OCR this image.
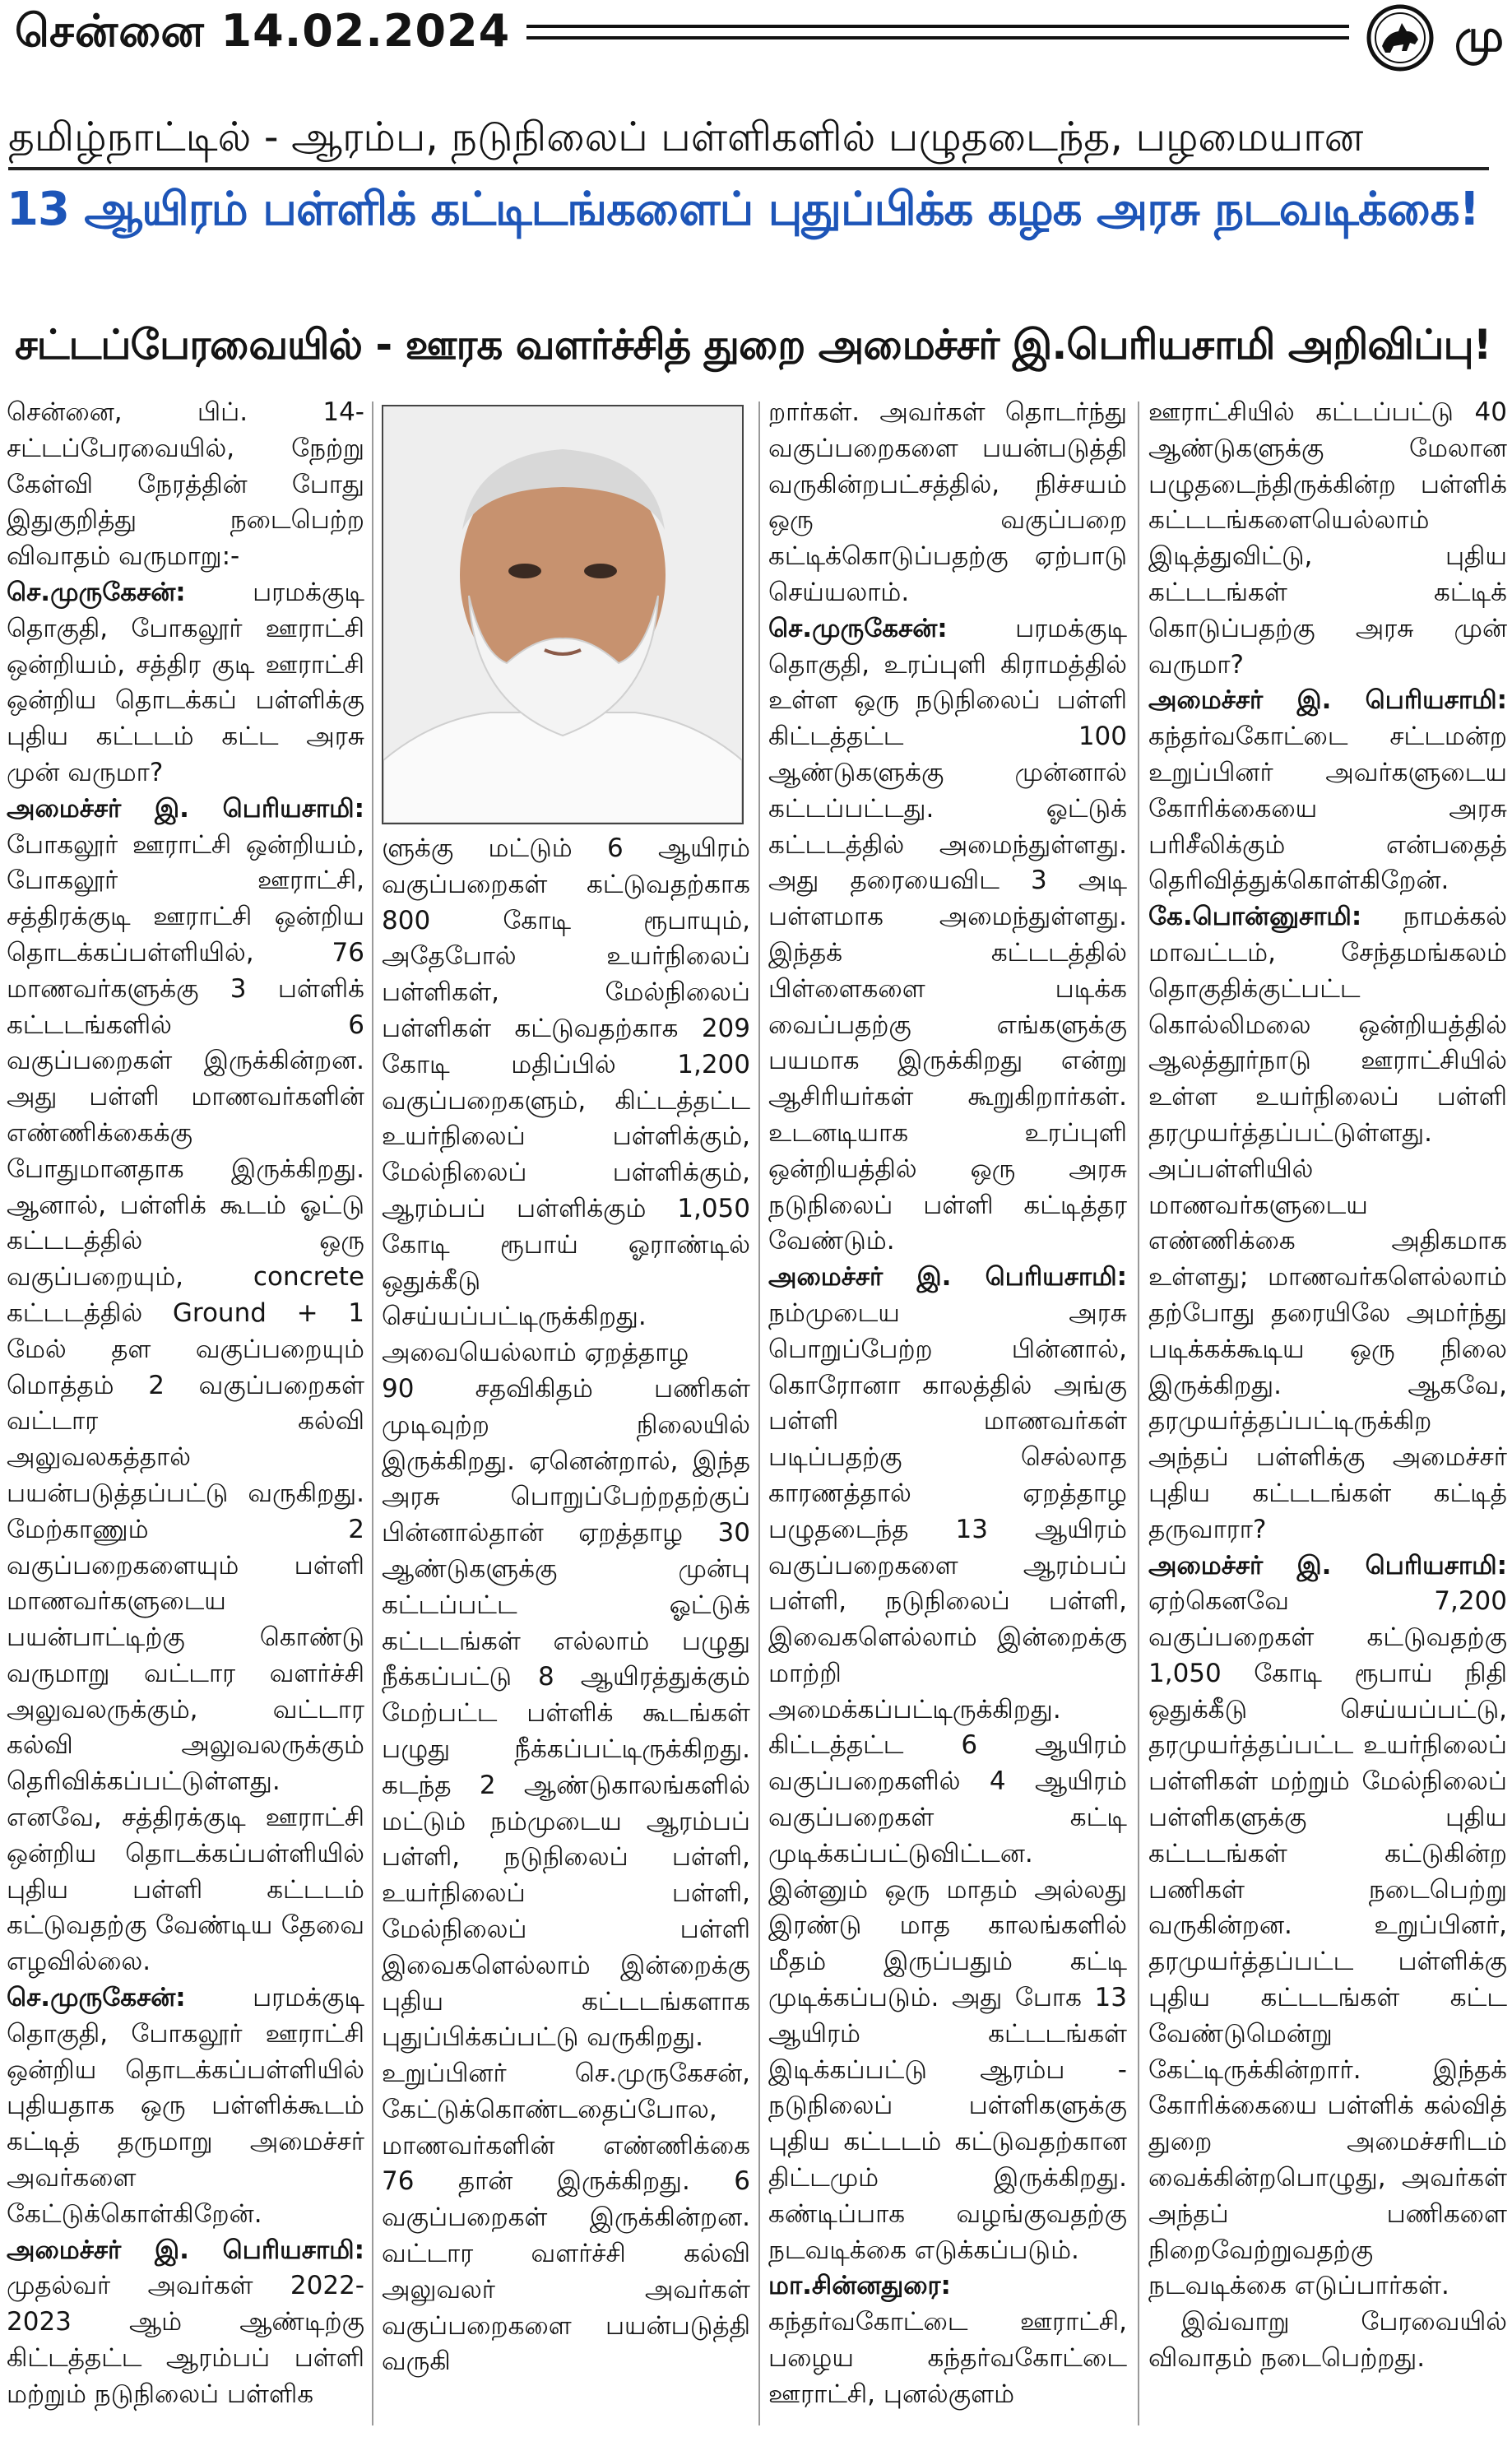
சென்னை 14.02.2024	மு
தமிழ்நாட்டில் - ஆரம்ப, நடுநிலைப் பள்ளிகளில் பழுதடைந்த, பழமையான
13 ஆயிரம் பள்ளிக் கட்டிடங்களைப் புதுப்பிக்க கழக அரசு நடவடிக்கை!
சட்டப்பேரவையில் - ஊரக வளர்ச்சித் துறை அமைச்சர் இ.பெரியசாமி அறிவிப்பு!

சென்னை, பிப். 14- சட்டப்பேரவையில், நேற்று கேள்வி நேரத்தின் போது இதுகுறித்து நடைபெற்ற விவாதம் வருமாறு:-

செ.முருகேசன்:	பரமக்குடி தொகுதி, போகலூர் ஊராட்சி ஒன்றியம், சத்திர குடி ஊராட்சி ஒன்றிய தொடக்கப் பள்ளிக்கு புதிய கட்டடம் கட்ட அரசு முன் வருமா?

அமைச்சர் இ. பெரியசாமி: போகலூர் ஊராட்சி ஒன்றியம், போகலூர் ஊராட்சி, சத்திரக்குடி ஊராட்சி ஒன்றிய தொடக்கப்பள்ளியில், 76 மாணவர்களுக்கு 3 பள்ளிக் கட்டடங்களில் 6 வகுப்பறைகள் இருக்கின்றன. அது பள்ளி மாணவர்களின் எண்ணிக்கைக்கு போதுமானதாக இருக்கிறது. ஆனால், பள்ளிக் கூடம் ஓட்டு கட்டடத்தில் ஒரு வகுப்பறையும், concrete கட்டடத்தில் Ground + 1 மேல் தள வகுப்பறையும் மொத்தம் 2 வகுப்பறைகள் வட்டார கல்வி அலுவலகத்தால் பயன்படுத்தப்பட்டு வருகிறது. மேற்காணும் 2 வகுப்பறைகளையும் பள்ளி மாணவர்களுடைய பயன்பாட்டிற்கு கொண்டு வருமாறு வட்டார வளர்ச்சி அலுவலருக்கும், வட்டார கல்வி அலுவலருக்கும் தெரிவிக்கப்பட்டுள்ளது. எனவே, சத்திரக்குடி ஊராட்சி ஒன்றிய தொடக்கப்பள்ளியில் புதிய பள்ளி கட்டடம் கட்டுவதற்கு வேண்டிய தேவை எழவில்லை.

செ.முருகேசன்:	பரமக்குடி தொகுதி, போகலூர் ஊராட்சி ஒன்றிய தொடக்கப்பள்ளியில் புதியதாக ஒரு பள்ளிக்கூடம் கட்டித் தருமாறு அமைச்சர் அவர்களை கேட்டுக்கொள்கிறேன்.

அமைச்சர் இ. பெரியசாமி: முதல்வர் அவர்கள் 2022-2023 ஆம் ஆண்டிற்கு கிட்டத்தட்ட ஆரம்பப் பள்ளி மற்றும் நடுநிலைப் பள்ளிக

ளுக்கு மட்டும் 6 ஆயிரம் வகுப்பறைகள் கட்டுவதற்காக 800 கோடி ரூபாயும், அதேபோல் உயர்நிலைப் பள்ளிகள், மேல்நிலைப் பள்ளிகள் கட்டுவதற்காக 209 கோடி மதிப்பில் 1,200 வகுப்பறைகளும், கிட்டத்தட்ட உயர்நிலைப் பள்ளிக்கும், மேல்நிலைப் பள்ளிக்கும், ஆரம்பப் பள்ளிக்கும் 1,050 கோடி ரூபாய் ஓராண்டில் ஒதுக்கீடு செய்யப்பட்டிருக்கிறது. அவையெல்லாம் ஏறத்தாழ

90 சதவிகிதம் பணிகள் முடிவுற்ற நிலையில் இருக்கிறது. ஏனென்றால், இந்த அரசு பொறுப்பேற்றதற்குப் பின்னால்தான் ஏறத்தாழ 30 ஆண்டுகளுக்கு முன்பு கட்டப்பட்ட ஓட்டுக் கட்டடங்கள் எல்லாம் பழுது நீக்கப்பட்டு 8 ஆயிரத்துக்கும் மேற்பட்ட பள்ளிக் கூடங்கள் பழுது நீக்கப்பட்டிருக்கிறது. கடந்த 2 ஆண்டுகாலங்களில் மட்டும் நம்முடைய ஆரம்பப் பள்ளி, நடுநிலைப் பள்ளி, உயர்நிலைப் பள்ளி, மேல்நிலைப் பள்ளி இவைகளெல்லாம் இன்றைக்கு புதிய கட்டடங்களாக புதுப்பிக்கப்பட்டு வருகிறது.

உறுப்பினர் செ.முருகேசன், கேட்டுக்கொண்டதைப்போல, மாணவர்களின் எண்ணிக்கை 76 தான் இருக்கிறது. 6 வகுப்பறைகள் இருக்கின்றன. வட்டார வளர்ச்சி கல்வி அலுவலர் அவர்கள் வகுப்பறைகளை பயன்படுத்தி வருகி

றார்கள். அவர்கள் தொடர்ந்து வகுப்பறைகளை பயன்படுத்தி வருகின்றபட்சத்தில், நிச்சயம் ஒரு வகுப்பறை கட்டிக்கொடுப்பதற்கு ஏற்பாடு செய்யலாம்.

செ.முருகேசன்:	பரமக்குடி தொகுதி, உரப்புளி கிராமத்தில் உள்ள ஒரு நடுநிலைப் பள்ளி கிட்டத்தட்ட 100 ஆண்டுகளுக்கு முன்னால் கட்டப்பட்டது. ஓட்டுக் கட்டடத்தில் அமைந்துள்ளது. அது தரையைவிட 3 அடி பள்ளமாக அமைந்துள்ளது. இந்தக் கட்டடத்தில் பிள்ளைகளை படிக்க வைப்பதற்கு எங்களுக்கு பயமாக இருக்கிறது என்று ஆசிரியர்கள் கூறுகிறார்கள். உடனடியாக உரப்புளி ஒன்றியத்தில் ஒரு அரசு நடுநிலைப் பள்ளி கட்டித்தர வேண்டும்.

அமைச்சர் இ. பெரியசாமி: நம்முடைய அரசு பொறுப்பேற்ற பின்னால், கொரோனா காலத்தில் அங்கு பள்ளி மாணவர்கள் படிப்பதற்கு செல்லாத காரணத்தால் ஏறத்தாழ பழுதடைந்த 13 ஆயிரம் வகுப்பறைகளை ஆரம்பப் பள்ளி, நடுநிலைப் பள்ளி, இவைகளெல்லாம் இன்றைக்கு மாற்றி அமைக்கப்பட்டிருக்கிறது. கிட்டத்தட்ட 6 ஆயிரம் வகுப்பறைகளில் 4 ஆயிரம் வகுப்பறைகள் கட்டி முடிக்கப்பட்டுவிட்டன. இன்னும் ஒரு மாதம் அல்லது இரண்டு மாத காலங்களில் மீதம் இருப்பதும் கட்டி முடிக்கப்படும். அது போக 13 ஆயிரம் கட்டடங்கள் இடிக்கப்பட்டு ஆரம்ப - நடுநிலைப் பள்ளிகளுக்கு புதிய கட்டடம் கட்டுவதற்கான திட்டமும் இருக்கிறது. கண்டிப்பாக வழங்குவதற்கு நடவடிக்கை எடுக்கப்படும்.

மா.சின்னதுரை: கந்தர்வகோட்டை ஊராட்சி, பழைய கந்தர்வகோட்டை ஊராட்சி, புனல்குளம்

ஊராட்சியில் கட்டப்பட்டு 40 ஆண்டுகளுக்கு மேலான பழுதடைந்திருக்கின்ற பள்ளிக் கட்டடங்களையெல்லாம் இடித்துவிட்டு, புதிய கட்டடங்கள் கட்டிக் கொடுப்பதற்கு அரசு முன் வருமா?

அமைச்சர் இ. பெரியசாமி: கந்தர்வகோட்டை சட்டமன்ற உறுப்பினர் அவர்களுடைய கோரிக்கையை அரசு பரிசீலிக்கும் என்பதைத் தெரிவித்துக்கொள்கிறேன்.

கே.பொன்னுசாமி: நாமக்கல் மாவட்டம், சேந்தமங்கலம் தொகுதிக்குட்பட்ட கொல்லிமலை ஒன்றியத்தில் ஆலத்தூர்நாடு ஊராட்சியில் உள்ள உயர்நிலைப் பள்ளி தரமுயர்த்தப்பட்டுள்ளது. அப்பள்ளியில் மாணவர்களுடைய எண்ணிக்கை அதிகமாக உள்ளது; மாணவர்களெல்லாம் தற்போது தரையிலே அமர்ந்து படிக்கக்கூடிய ஒரு நிலை இருக்கிறது. ஆகவே, தரமுயர்த்தப்பட்டிருக்கிற அந்தப் பள்ளிக்கு அமைச்சர் புதிய கட்டடங்கள் கட்டித் தருவாரா?

அமைச்சர் இ. பெரியசாமி: ஏற்கெனவே 7,200 வகுப்பறைகள் கட்டுவதற்கு 1,050 கோடி ரூபாய் நிதி ஒதுக்கீடு செய்யப்பட்டு, தரமுயர்த்தப்பட்ட உயர்நிலைப் பள்ளிகள் மற்றும் மேல்நிலைப் பள்ளிகளுக்கு புதிய கட்டடங்கள் கட்டுகின்ற பணிகள் நடைபெற்று வருகின்றன. உறுப்பினர், தரமுயர்த்தப்பட்ட பள்ளிக்கு புதிய கட்டடங்கள் கட்ட வேண்டுமென்று கேட்டிருக்கின்றார். இந்தக் கோரிக்கையை பள்ளிக் கல்வித் துறை அமைச்சரிடம் வைக்கின்றபொழுது, அவர்கள் அந்தப் பணிகளை நிறைவேற்றுவதற்கு நடவடிக்கை எடுப்பார்கள்.

இவ்வாறு பேரவையில் விவாதம் நடைபெற்றது.
